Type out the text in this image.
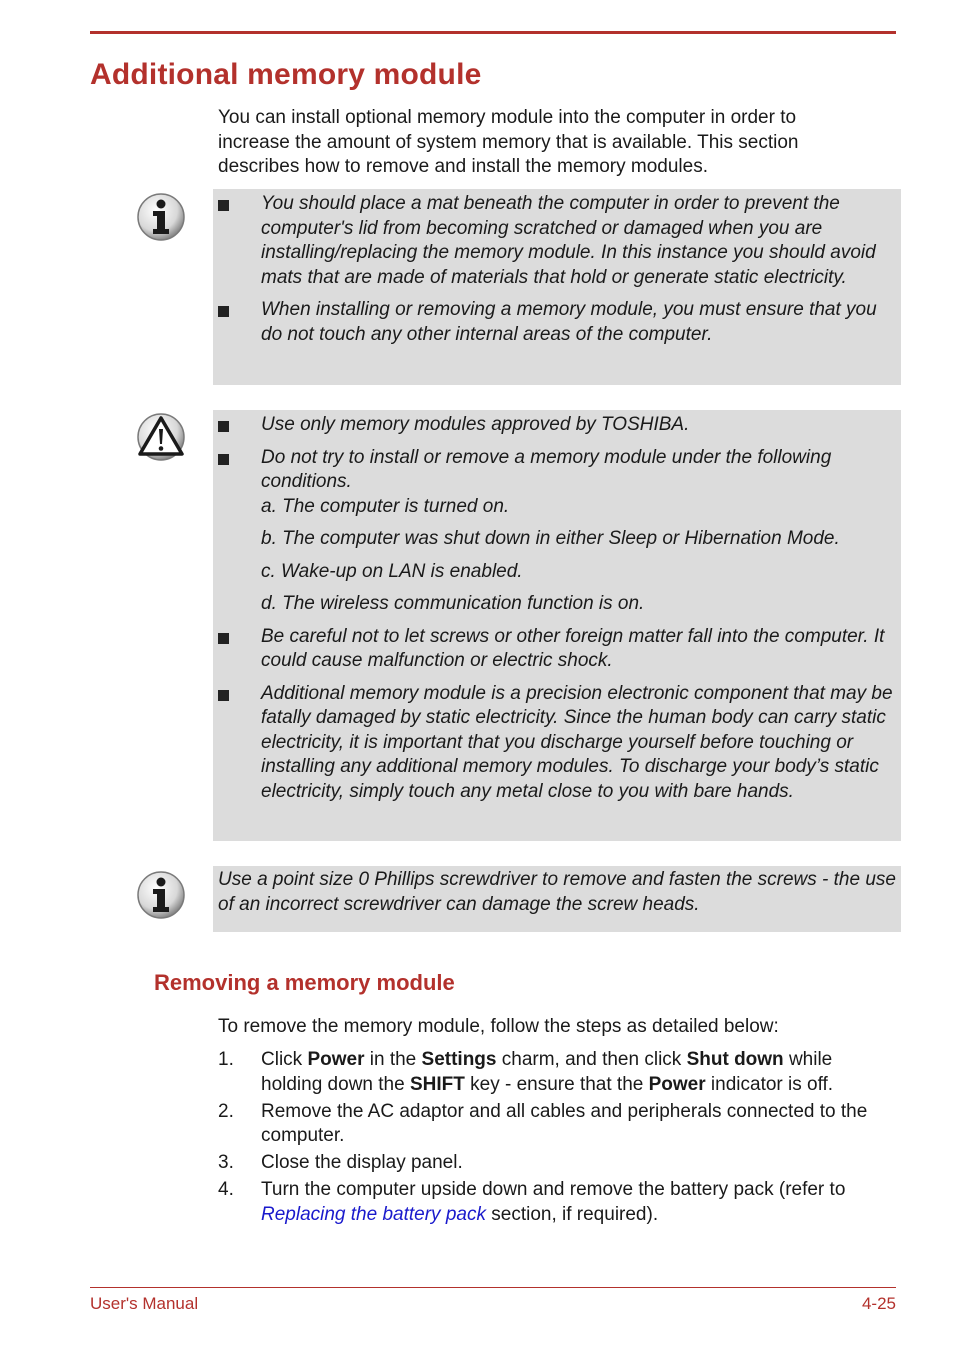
Additional memory module

You can install optional memory module into the computer in order to increase the amount of system memory that is available. This section describes how to remove and install the memory modules.

You should place a mat beneath the computer in order to prevent the computer's lid from becoming scratched or damaged when you are installing/replacing the memory module. In this instance you should avoid mats that are made of materials that hold or generate static electricity.
When installing or removing a memory module, you must ensure that you do not touch any other internal areas of the computer.
Use only memory modules approved by TOSHIBA.
Do not try to install or remove a memory module under the following conditions.
a. The computer is turned on.
b. The computer was shut down in either Sleep or Hibernation Mode.
c. Wake-up on LAN is enabled.
d. The wireless communication function is on.
Be careful not to let screws or other foreign matter fall into the computer. It could cause malfunction or electric shock.
Additional memory module is a precision electronic component that may be fatally damaged by static electricity. Since the human body can carry static electricity, it is important that you discharge yourself before touching or installing any additional memory modules. To discharge your body’s static electricity, simply touch any metal close to you with bare hands.

Use a point size 0 Phillips screwdriver to remove and fasten the screws - the use of an incorrect screwdriver can damage the screw heads.

Removing a memory module

To remove the memory module, follow the steps as detailed below:

1. Click Power in the Settings charm, and then click Shut down while holding down the SHIFT key - ensure that the Power indicator is off.
2. Remove the AC adaptor and all cables and peripherals connected to the computer.
3. Close the display panel.
4. Turn the computer upside down and remove the battery pack (refer to Replacing the battery pack section, if required).
User's Manual	4-25
